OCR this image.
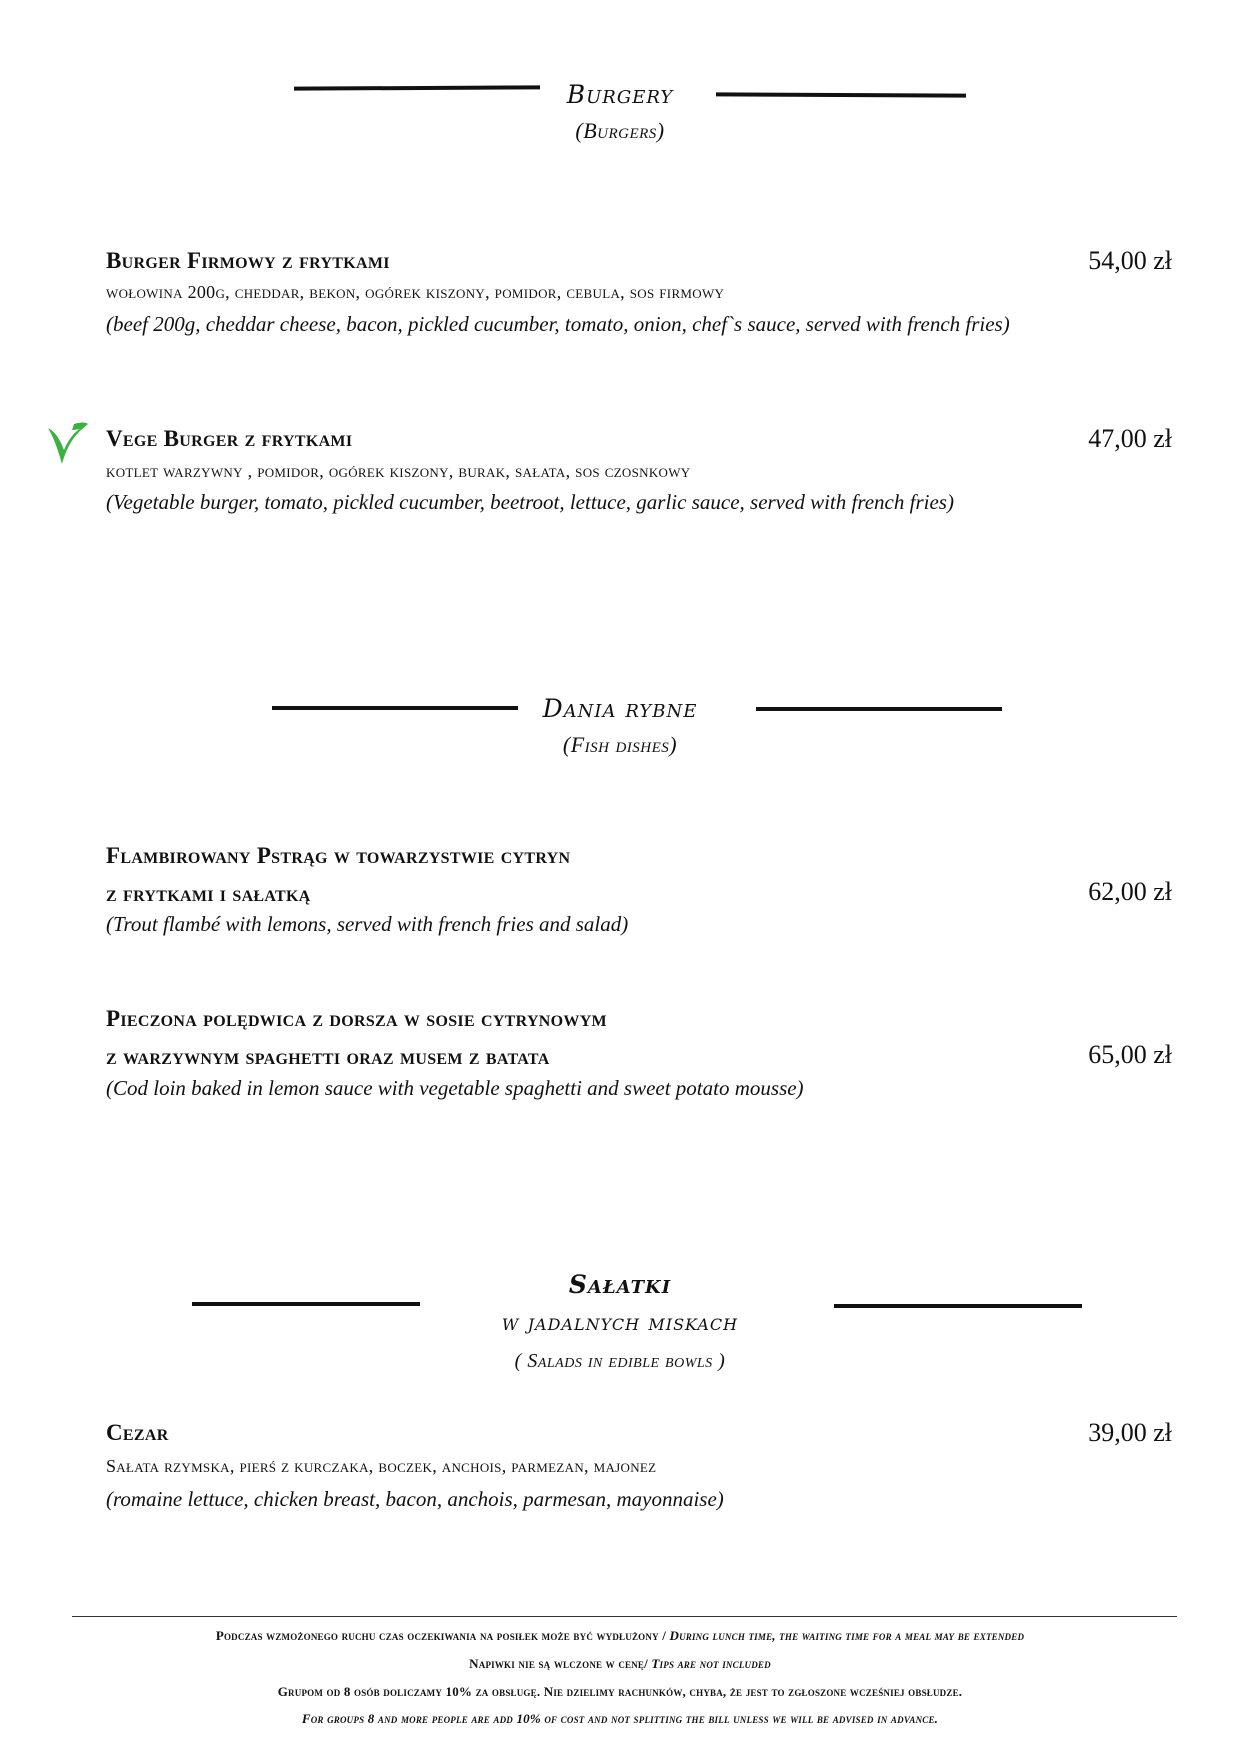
Burgery
(Burgers)
Burger Firmowy z frytkami	54,00 zł
wołowina 200g, cheddar, bekon, ogórek kiszony, pomidor, cebula, sos firmowy
(beef 200g, cheddar cheese, bacon, pickled cucumber, tomato, onion, chef`s sauce, served with french fries)
Vege Burger z frytkami	47,00 zł
kotlet warzywny , pomidor, ogórek kiszony, burak, sałata, sos czosnkowy
(Vegetable burger, tomato, pickled cucumber, beetroot, lettuce, garlic sauce, served with french fries)
Dania rybne
(Fish dishes)
Flambirowany Pstrąg w towarzystwie cytryn
z frytkami i sałatką	62,00 zł
(Trout flambé with lemons, served with french fries and salad)
Pieczona polędwica z dorsza w sosie cytrynowym
z warzywnym spaghetti oraz musem z batata	65,00 zł
(Cod loin baked in lemon sauce with vegetable spaghetti and sweet potato mousse)
Sałatki
w jadalnych miskach
( Salads in edible bowls )
Cezar	39,00 zł
Sałata rzymska, pierś z kurczaka, boczek, anchois, parmezan, majonez
(romaine lettuce, chicken breast, bacon, anchois, parmesan, mayonnaise)
Podczas wzmożonego ruchu czas oczekiwania na posiłek może być wydłużony / During lunch time, the waiting time for a meal may be extended
Napiwki nie są wlczone w cenę/ Tips are not included
Grupom od 8 osób doliczamy 10% za obsługę. Nie dzielimy rachunków, chyba, że jest to zgłoszone wcześniej obsłudze.
For groups 8 and more people are add 10% of cost and not splitting the bill unless we will be advised in advance.
